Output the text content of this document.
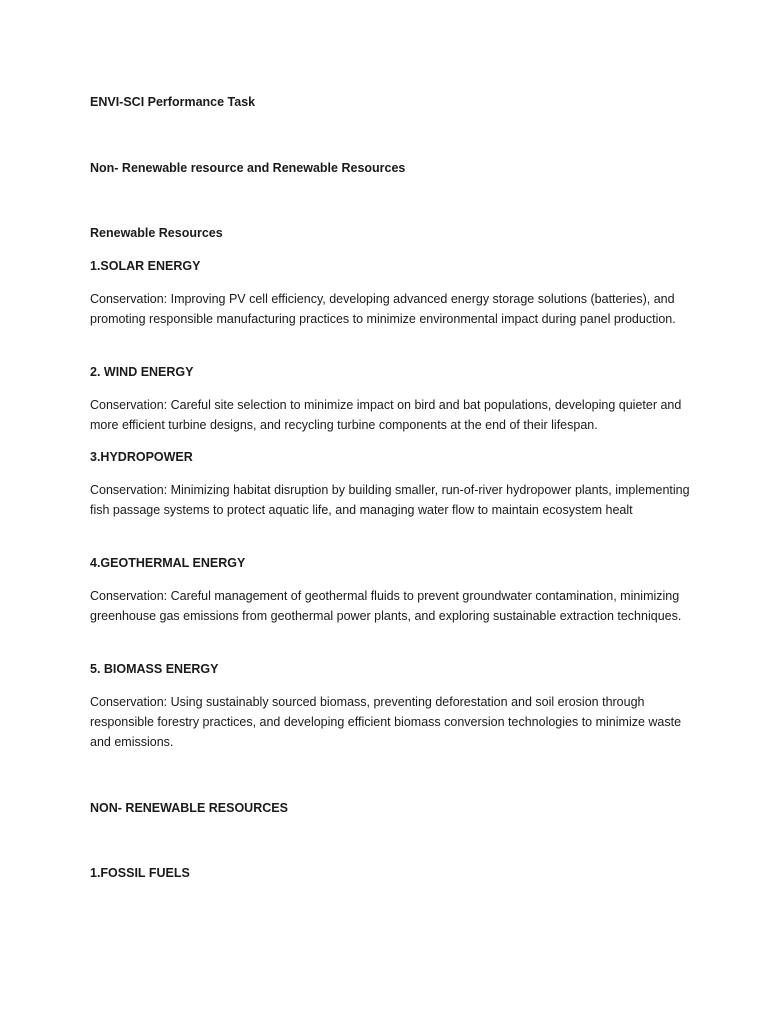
ENVI-SCI Performance Task
Non- Renewable resource and Renewable Resources
Renewable Resources
1.SOLAR ENERGY
Conservation: Improving PV cell efficiency, developing advanced energy storage solutions (batteries), and promoting responsible manufacturing practices to minimize environmental impact during panel production.
2. WIND ENERGY
Conservation: Careful site selection to minimize impact on bird and bat populations, developing quieter and more efficient turbine designs, and recycling turbine components at the end of their lifespan.
3.HYDROPOWER
Conservation: Minimizing habitat disruption by building smaller, run-of-river hydropower plants, implementing fish passage systems to protect aquatic life, and managing water flow to maintain ecosystem healt
4.GEOTHERMAL ENERGY
Conservation: Careful management of geothermal fluids to prevent groundwater contamination, minimizing greenhouse gas emissions from geothermal power plants, and exploring sustainable extraction techniques.
5. BIOMASS ENERGY
Conservation: Using sustainably sourced biomass, preventing deforestation and soil erosion through responsible forestry practices, and developing efficient biomass conversion technologies to minimize waste and emissions.
NON- RENEWABLE RESOURCES
1.FOSSIL FUELS
